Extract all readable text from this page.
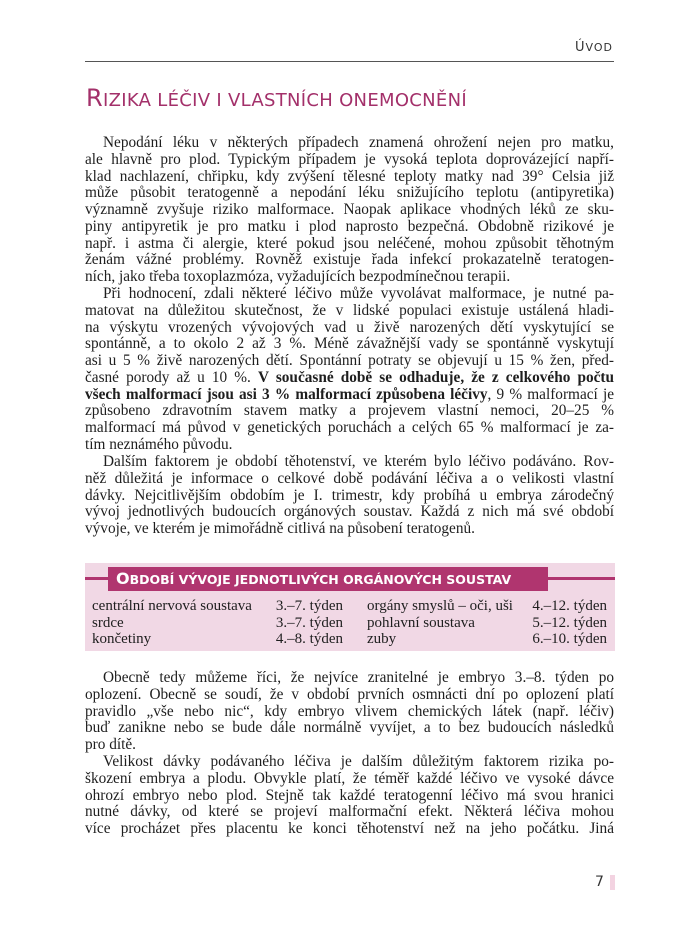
ÚVOD
RIZIKA LÉČIV I VLASTNÍCH ONEMOCNĚNÍ
Nepodání léku v některých případech znamená ohrožení nejen pro matku,
ale hlavně pro plod. Typickým případem je vysoká teplota doprovázející napří-
klad nachlazení, chřipku, kdy zvýšení tělesné teploty matky nad 39° Celsia již
může působit teratogenně a nepodání léku snižujícího teplotu (antipyretika)
významně zvyšuje riziko malformace. Naopak aplikace vhodných léků ze sku-
piny antipyretik je pro matku i plod naprosto bezpečná. Obdobně rizikové je
např. i astma či alergie, které pokud jsou neléčené, mohou způsobit těhotným
ženám vážné problémy. Rovněž existuje řada infekcí prokazatelně teratogen-
ních, jako třeba toxoplazmóza, vyžadujících bezpodmínečnou terapii.
Při hodnocení, zdali některé léčivo může vyvolávat malformace, je nutné pa-
matovat na důležitou skutečnost, že v lidské populaci existuje ustálená hladi-
na výskytu vrozených vývojových vad u živě narozených dětí vyskytující se
spontánně, a to okolo 2 až 3 %. Méně závažnější vady se spontánně vyskytují
asi u 5 % živě narozených dětí. Spontánní potraty se objevují u 15 % žen, před-
časné porody až u 10 %. V současné době se odhaduje, že z celkového počtu
všech malformací jsou asi 3 % malformací způsobena léčivy, 9 % malformací je
způsobeno zdravotním stavem matky a projevem vlastní nemoci, 20–25 %
malformací má původ v genetických poruchách a celých 65 % malformací je za-
tím neznámého původu.
Dalším faktorem je období těhotenství, ve kterém bylo léčivo podáváno. Rov-
něž důležitá je informace o celkové době podávání léčiva a o velikosti vlastní
dávky. Nejcitlivějším obdobím je I. trimestr, kdy probíhá u embrya zárodečný
vývoj jednotlivých budoucích orgánových soustav. Každá z nich má své období
vývoje, ve kterém je mimořádně citlivá na působení teratogenů.
OBDOBÍ VÝVOJE JEDNOTLIVÝCH ORGÁNOVÝCH SOUSTAV
centrální nervová soustava 3.–7. týden orgány smyslů – oči, uši 4.–12. týden
srdce	3.–7. týden pohlavní soustava	5.–12. týden
končetiny	4.–8. týden zuby	6.–10. týden
Obecně tedy můžeme říci, že nejvíce zranitelné je embryo 3.–8. týden po
oplození. Obecně se soudí, že v období prvních osmnácti dní po oplození platí
pravidlo „vše nebo nic“, kdy embryo vlivem chemických látek (např. léčiv)
buď zanikne nebo se bude dále normálně vyvíjet, a to bez budoucích následků
pro dítě.
Velikost dávky podávaného léčiva je dalším důležitým faktorem rizika po-
škození embrya a plodu. Obvykle platí, že téměř každé léčivo ve vysoké dávce
ohrozí embryo nebo plod. Stejně tak každé teratogenní léčivo má svou hranici
nutné dávky, od které se projeví malformační efekt. Některá léčiva mohou
více procházet přes placentu ke konci těhotenství než na jeho počátku. Jiná
7
